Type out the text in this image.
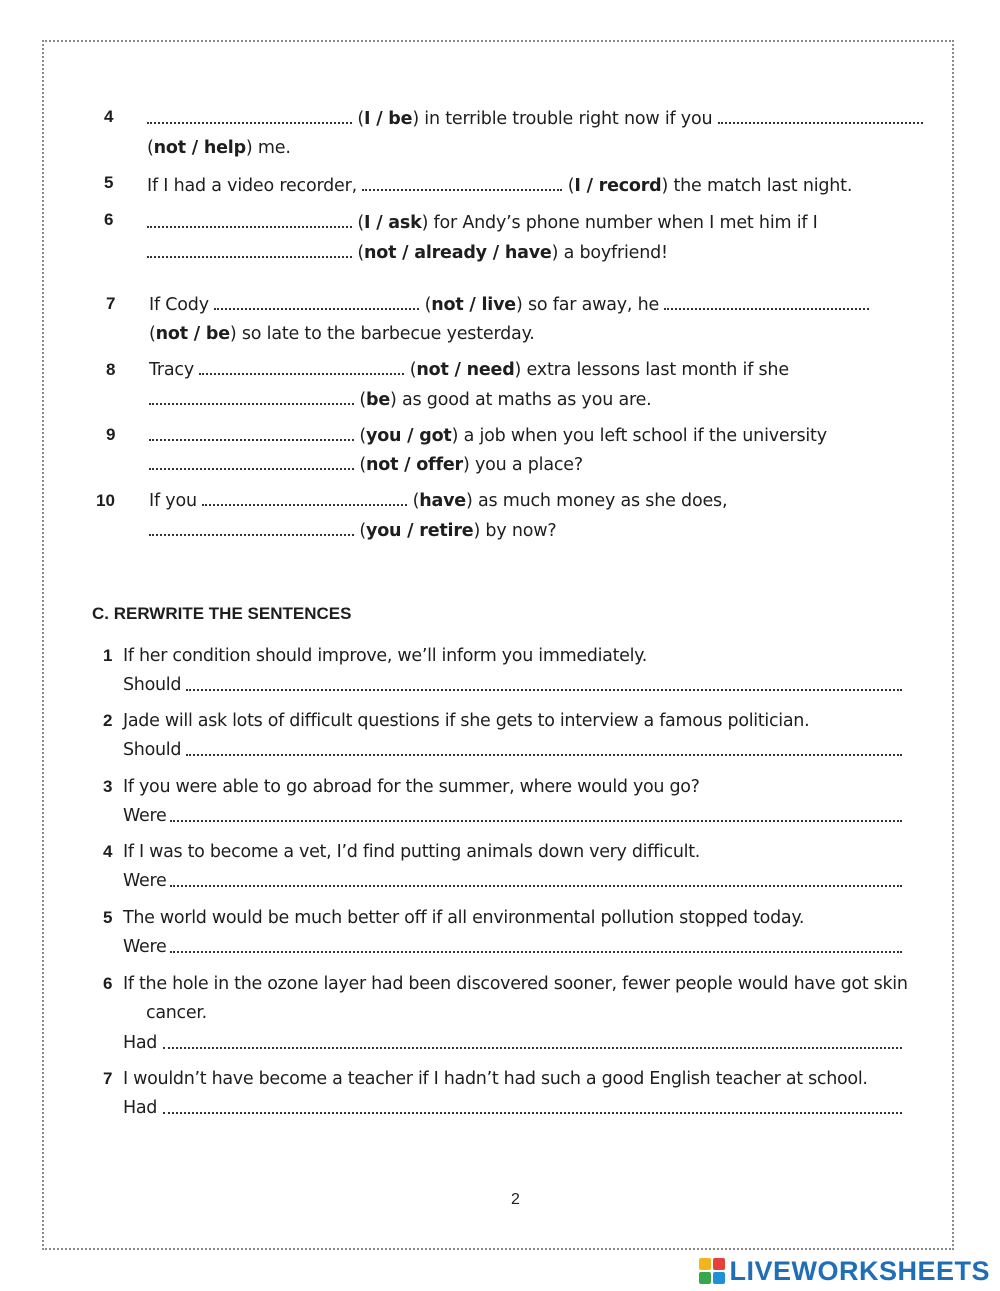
4	(I / be) in terrible trouble right now if you
(not / help) me.
5 If I had a video recorder,	(I / record) the match last night.
6	(I / ask) for Andy’s phone number when I met him if I
(not / already / have) a boyfriend!
7 If Cody	(not / live) so far away, he
(not / be) so late to the barbecue yesterday.
8 Tracy	(not / need) extra lessons last month if she
(be) as good at maths as you are.
9	(you / got) a job when you left school if the university
(not / offer) you a place?
10 If you	(have) as much money as she does,
(you / retire) by now?
C. RERWRITE THE SENTENCES
1 If her condition should improve, we’ll inform you immediately.
Should
2 Jade will ask lots of difficult questions if she gets to interview a famous politician.
Should
3 If you were able to go abroad for the summer, where would you go?
Were
4 If I was to become a vet, I’d find putting animals down very difficult.
Were
5 The world would be much better off if all environmental pollution stopped today.
Were
6 If the hole in the ozone layer had been discovered sooner, fewer people would have got skin
cancer.
Had
7 I wouldn’t have become a teacher if I hadn’t had such a good English teacher at school.
Had
2
LIVEWORKSHEETS
